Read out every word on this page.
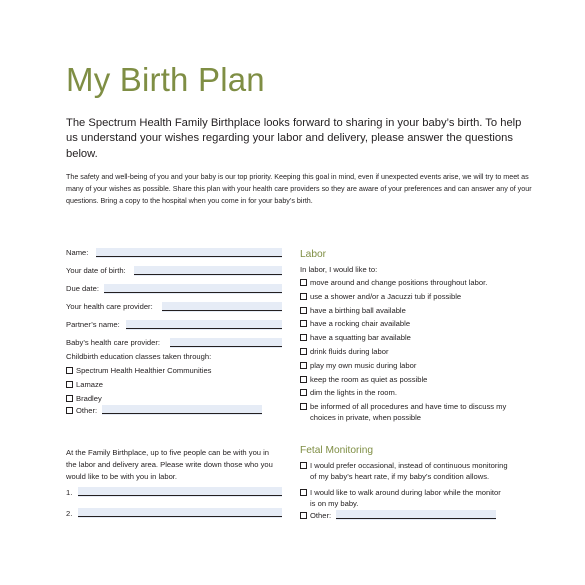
My Birth Plan

The Spectrum Health Family Birthplace looks forward to sharing in your baby’s birth. To help us understand your wishes regarding your labor and delivery, please answer the questions below.

The safety and well-being of you and your baby is our top priority. Keeping this goal in mind, even if unexpected events arise, we will try to meet as many of your wishes as possible. Share this plan with your health care providers so they are aware of your preferences and can answer any of your questions. Bring a copy to the hospital when you come in for your baby’s birth.

Name:
Your date of birth:
Due date:
Your health care provider:
Partner’s name:
Baby’s health care provider:
Childbirth education classes taken through:
Spectrum Health Healthier Communities
Lamaze
Bradley
Other:
At the Family Birthplace, up to five people can be with you in
the labor and delivery area. Please write down those who you
would like to be with you in labor.
1.
2.
Labor
In labor, I would like to:
move around and change positions throughout labor.
use a shower and/or a Jacuzzi tub if possible
have a birthing ball available
have a rocking chair available
have a squatting bar available
drink fluids during labor
play my own music during labor
keep the room as quiet as possible
dim the lights in the room.
be informed of all procedures and have time to discuss my
choices in private, when possible
Fetal Monitoring
I would prefer occasional, instead of continuous monitoring
of my baby’s heart rate, if my baby’s condition allows.
I would like to walk around during labor while the monitor
is on my baby.
Other:
